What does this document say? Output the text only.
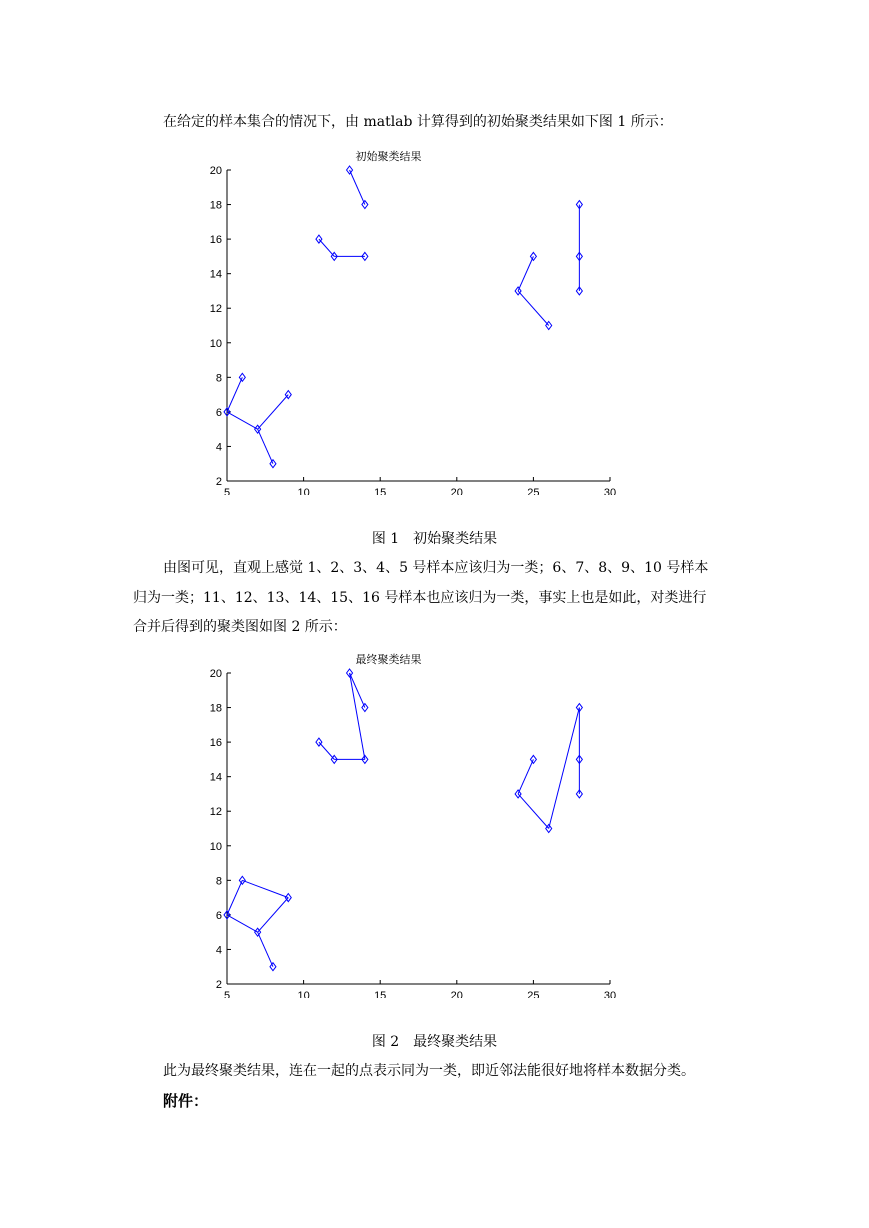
在给定的样本集合的情况下，由 matlab 计算得到的初始聚类结果如下图 1 所示：
初始聚类结果
2
4
6
8
10
12
14
16
18
20
5	10	15	20	25	30
图 1　初始聚类结果
由图可见，直观上感觉 1、2、3、4、5 号样本应该归为一类；6、7、8、9、10 号样本
归为一类；11、12、13、14、15、16 号样本也应该归为一类，事实上也是如此，对类进行
合并后得到的聚类图如图 2 所示：
最终聚类结果
2
4
6
8
10
12
14
16
18
20
5	10	15	20	25	30
图 2　最终聚类结果
此为最终聚类结果，连在一起的点表示同为一类，即近邻法能很好地将样本数据分类。
附件：
